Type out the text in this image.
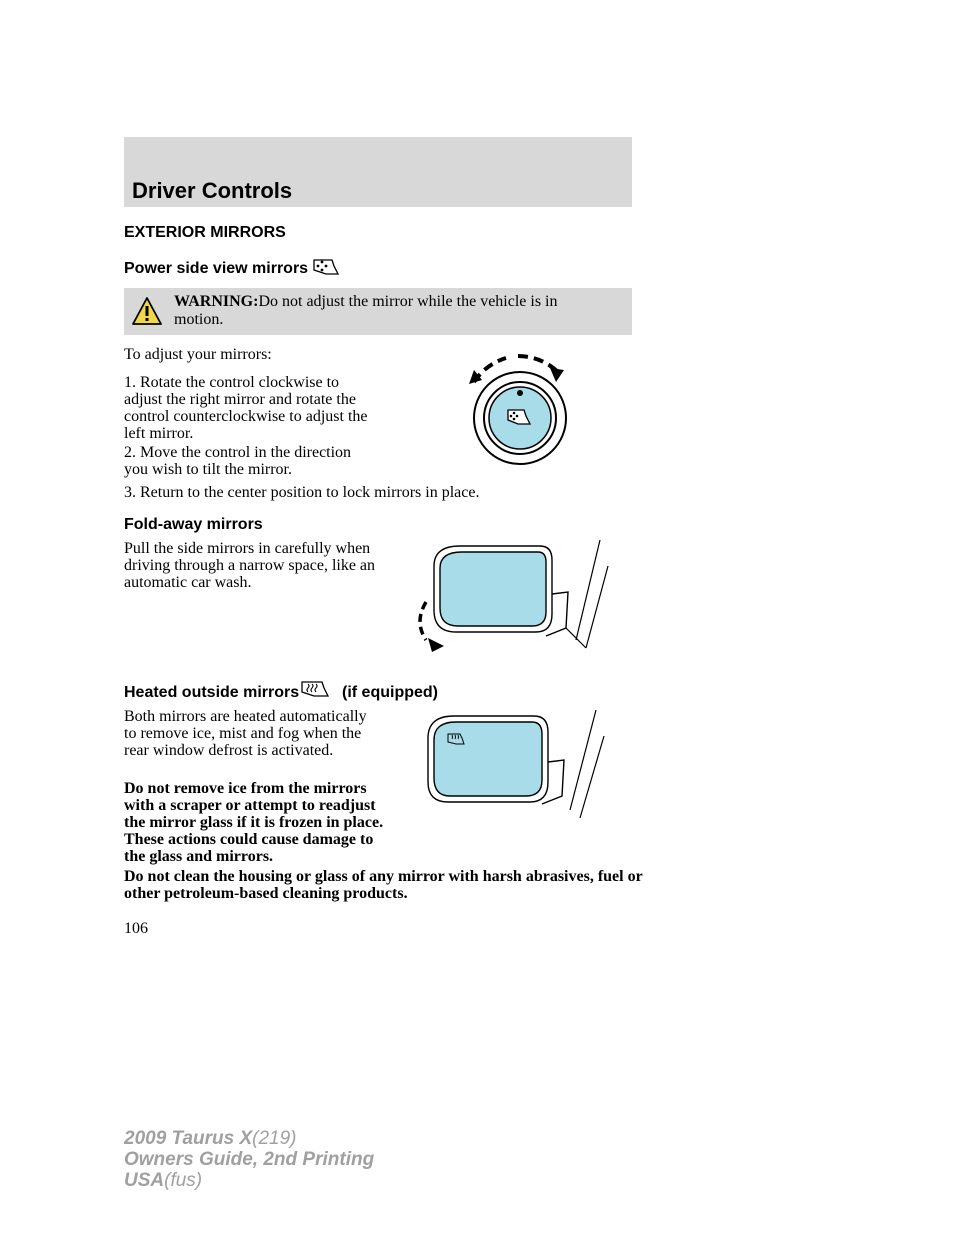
Driver Controls
EXTERIOR MIRRORS
Power side view mirrors
WARNING:Do not adjust the mirror while the vehicle is in motion.
To adjust your mirrors:
1. Rotate the control clockwise to adjust the right mirror and rotate the control counterclockwise to adjust the left mirror.
2. Move the control in the direction you wish to tilt the mirror.
3. Return to the center position to lock mirrors in place.
Fold-away mirrors
Pull the side mirrors in carefully when driving through a narrow space, like an automatic car wash.
Heated outside mirrors	(if equipped)
Both mirrors are heated automatically to remove ice, mist and fog when the rear window defrost is activated.
Do not remove ice from the mirrors with a scraper or attempt to readjust the mirror glass if it is frozen in place. These actions could cause damage to the glass and mirrors.
Do not clean the housing or glass of any mirror with harsh abrasives, fuel or other petroleum-based cleaning products.
106
2009 Taurus X(219)
Owners Guide, 2nd Printing
USA(fus)
